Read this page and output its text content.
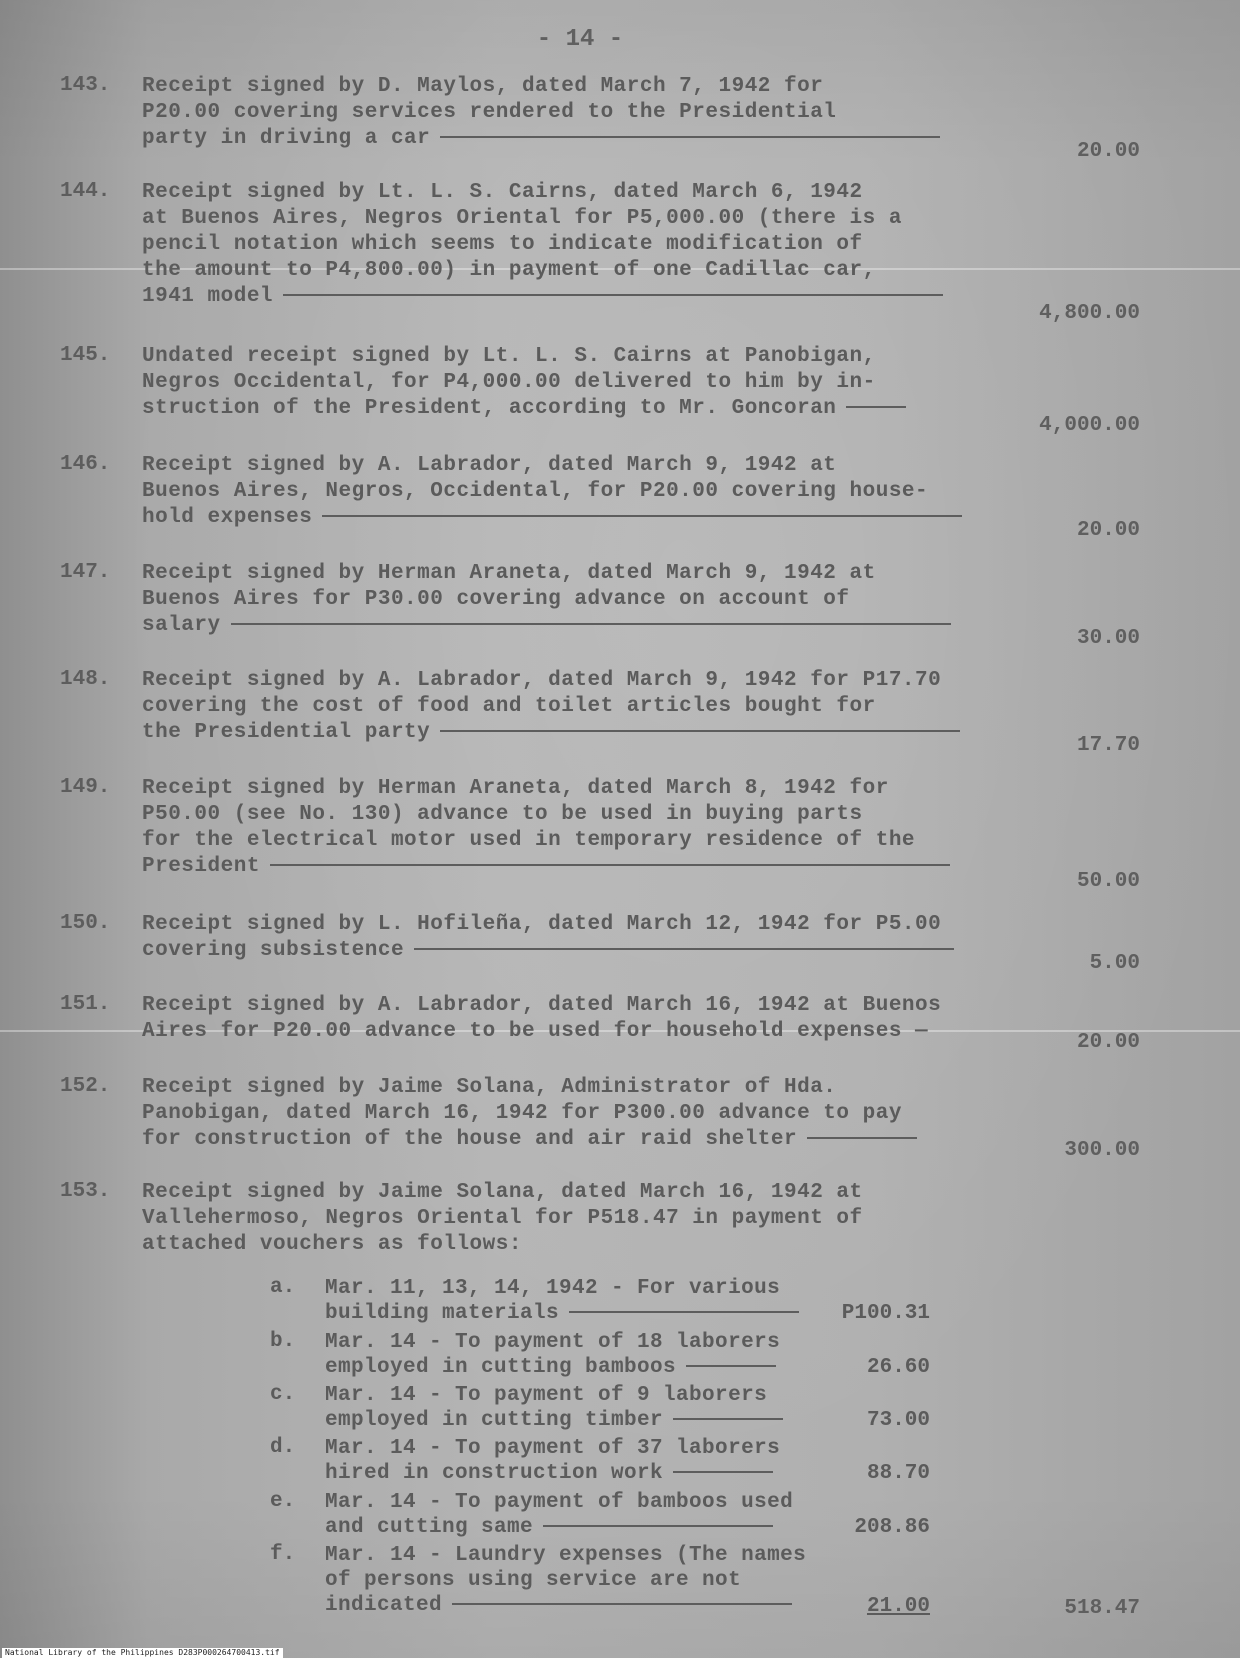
- 14 -
143. Receipt signed by D. Maylos, dated March 7, 1942 for
P20.00 covering services rendered to the Presidential
party in driving a car
20.00
144. Receipt signed by Lt. L. S. Cairns, dated March 6, 1942
at Buenos Aires, Negros Oriental for P5,000.00 (there is a
pencil notation which seems to indicate modification of
the amount to P4,800.00) in payment of one Cadillac car,
1941 model
4,800.00
145. Undated receipt signed by Lt. L. S. Cairns at Panobigan,
Negros Occidental, for P4,000.00 delivered to him by in-
struction of the President, according to Mr. Goncoran
4,000.00
146. Receipt signed by A. Labrador, dated March 9, 1942 at
Buenos Aires, Negros, Occidental, for P20.00 covering house-
hold expenses
20.00
147. Receipt signed by Herman Araneta, dated March 9, 1942 at
Buenos Aires for P30.00 covering advance on account of
salary
30.00
148. Receipt signed by A. Labrador, dated March 9, 1942 for P17.70
covering the cost of food and toilet articles bought for
the Presidential party
17.70
149. Receipt signed by Herman Araneta, dated March 8, 1942 for
P50.00 (see No. 130) advance to be used in buying parts
for the electrical motor used in temporary residence of the
President
50.00
150. Receipt signed by L. Hofileña, dated March 12, 1942 for P5.00
covering subsistence
5.00
151. Receipt signed by A. Labrador, dated March 16, 1942 at Buenos
Aires for P20.00 advance to be used for household expenses —	20.00
152. Receipt signed by Jaime Solana, Administrator of Hda.
Panobigan, dated March 16, 1942 for P300.00 advance to pay
for construction of the house and air raid shelter	300.00
153. Receipt signed by Jaime Solana, dated March 16, 1942 at
Vallehermoso, Negros Oriental for P518.47 in payment of
attached vouchers as follows:
a. Mar. 11, 13, 14, 1942 - For various
building materials	P100.31
b. Mar. 14 - To payment of 18 laborers
employed in cutting bamboos	26.60
c. Mar. 14 - To payment of 9 laborers
employed in cutting timber	73.00
d. Mar. 14 - To payment of 37 laborers
hired in construction work	88.70
e. Mar. 14 - To payment of bamboos used
and cutting same	208.86
f. Mar. 14 - Laundry expenses (The names
of persons using service are not
indicated	21.00	518.47
National Library of the Philippines D283P000264700413.tif
